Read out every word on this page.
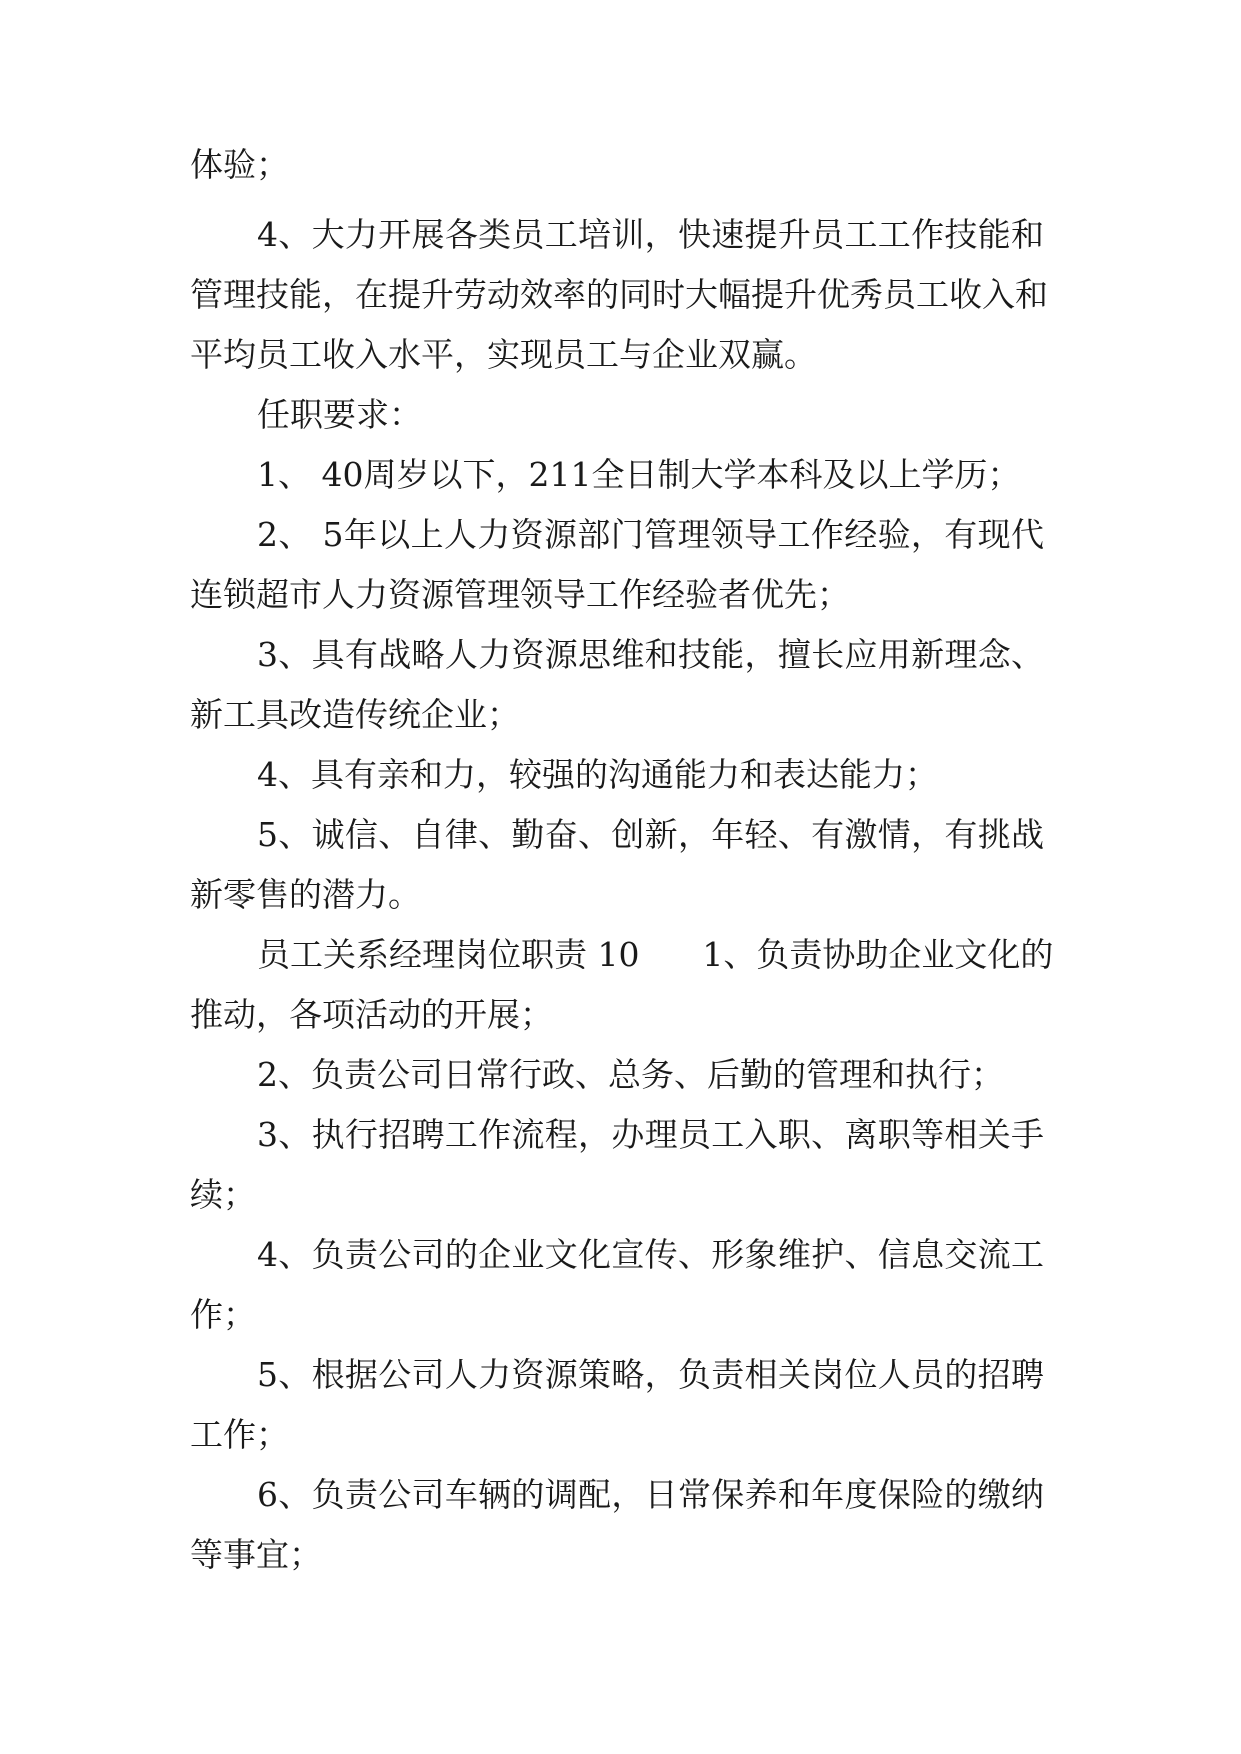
体验；

4、大力开展各类员工培训，快速提升员工工作技能和

管理技能，在提升劳动效率的同时大幅提升优秀员工收入和

平均员工收入水平，实现员工与企业双赢。

任职要求：

1、 40周岁以下，211全日制大学本科及以上学历；

2、 5年以上人力资源部门管理领导工作经验，有现代

连锁超市人力资源管理领导工作经验者优先；

3、具有战略人力资源思维和技能，擅长应用新理念、

新工具改造传统企业；

4、具有亲和力，较强的沟通能力和表达能力；

5、诚信、自律、勤奋、创新，年轻、有激情，有挑战

新零售的潜力。

员工关系经理岗位职责 10      1、负责协助企业文化的

推动，各项活动的开展；

2、负责公司日常行政、总务、后勤的管理和执行；

3、执行招聘工作流程，办理员工入职、离职等相关手

续；

4、负责公司的企业文化宣传、形象维护、信息交流工

作；

5、根据公司人力资源策略，负责相关岗位人员的招聘

工作；

6、负责公司车辆的调配，日常保养和年度保险的缴纳

等事宜；
